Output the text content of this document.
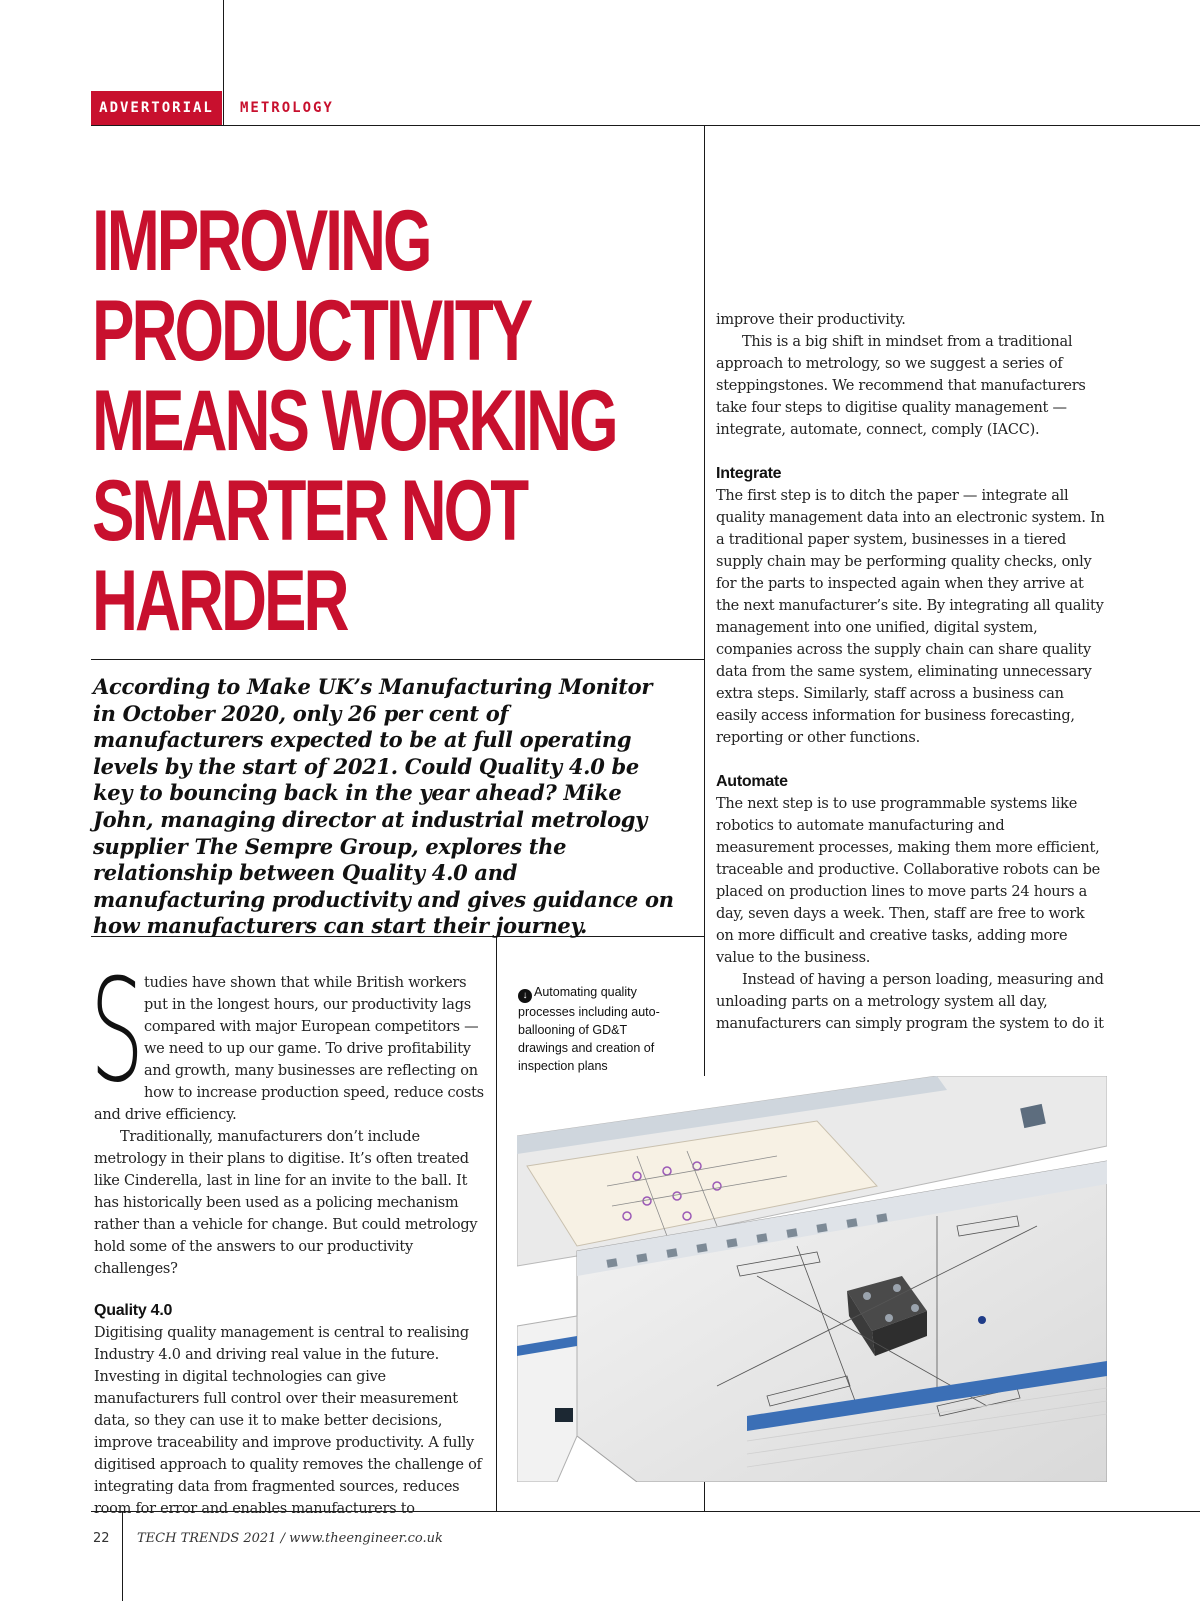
ADVERTORIAL	METROLOGY
IMPROVING
PRODUCTIVITY
MEANS WORKING
SMARTER NOT
HARDER

According to Make UK’s Manufacturing Monitor in October 2020, only 26 per cent of manufacturers expected to be at full operating levels by the start of 2021. Could Quality 4.0 be key to bouncing back in the year ahead? Mike John, managing director at industrial metrology supplier The Sempre Group, explores the relationship between Quality 4.0 and manufacturing productivity and gives guidance on how manufacturers can start their journey.

Studies have shown that while British workers put in the longest hours, our productivity lags compared with major European competitors — we need to up our game. To drive profitability and growth, many businesses are reflecting on how to increase production speed, reduce costs and drive efficiency.

Traditionally, manufacturers don’t include metrology in their plans to digitise. It’s often treated like Cinderella, last in line for an invite to the ball. It has historically been used as a policing mechanism rather than a vehicle for change. But could metrology hold some of the answers to our productivity challenges?

Quality 4.0

Digitising quality management is central to realising Industry 4.0 and driving real value in the future. Investing in digital technologies can give manufacturers full control over their measurement data, so they can use it to make better decisions, improve traceability and improve productivity. A fully digitised approach to quality removes the challenge of integrating data from fragmented sources, reduces room for error and enables manufacturers to

improve their productivity.

This is a big shift in mindset from a traditional approach to metrology, so we suggest a series of steppingstones. We recommend that manufacturers take four steps to digitise quality management — integrate, automate, connect, comply (IACC).

Integrate

The first step is to ditch the paper — integrate all quality management data into an electronic system. In a traditional paper system, businesses in a tiered supply chain may be performing quality checks, only for the parts to inspected again when they arrive at the next manufacturer’s site. By integrating all quality management into one unified, digital system, companies across the supply chain can share quality data from the same system, eliminating unnecessary extra steps. Similarly, staff across a business can easily access information for business forecasting, reporting or other functions.

Automate

The next step is to use programmable systems like robotics to automate manufacturing and measurement processes, making them more efficient, traceable and productive. Collaborative robots can be placed on production lines to move parts 24 hours a day, seven days a week. Then, staff are free to work on more difficult and creative tasks, adding more value to the business.

Instead of having a person loading, measuring and unloading parts on a metrology system all day, manufacturers can simply program the system to do it

↓ Automating quality processes including auto-ballooning of GD&T drawings and creation of inspection plans
22 TECH TRENDS 2021 / www.theengineer.co.uk
